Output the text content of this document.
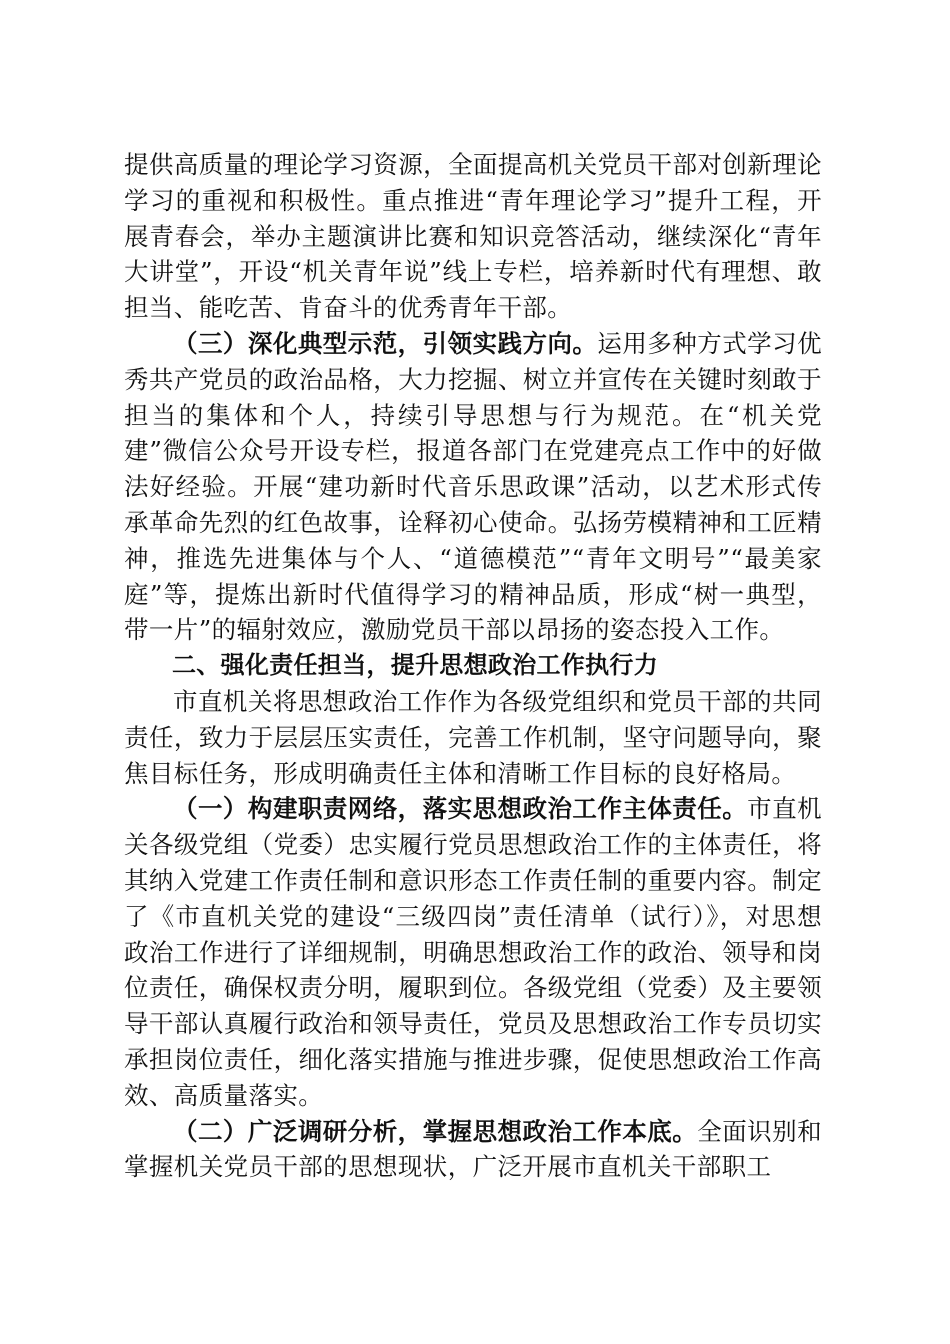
提供高质量的理论学习资源，全面提高机关党员干部对创新理论学习的重视和积极性。重点推进“青年理论学习”提升工程，开展青春会，举办主题演讲比赛和知识竞答活动，继续深化“青年大讲堂”，开设“机关青年说”线上专栏，培养新时代有理想、敢担当、能吃苦、肯奋斗的优秀青年干部。

（三）深化典型示范，引领实践方向。运用多种方式学习优秀共产党员的政治品格，大力挖掘、树立并宣传在关键时刻敢于担当的集体和个人，持续引导思想与行为规范。在“机关党建”微信公众号开设专栏，报道各部门在党建亮点工作中的好做法好经验。开展“建功新时代音乐思政课”活动，以艺术形式传承革命先烈的红色故事，诠释初心使命。弘扬劳模精神和工匠精神，推选先进集体与个人、“道德模范”“青年文明号”“最美家庭”等，提炼出新时代值得学习的精神品质，形成“树一典型，带一片”的辐射效应，激励党员干部以昂扬的姿态投入工作。

二、强化责任担当，提升思想政治工作执行力

市直机关将思想政治工作作为各级党组织和党员干部的共同责任，致力于层层压实责任，完善工作机制，坚守问题导向，聚焦目标任务，形成明确责任主体和清晰工作目标的良好格局。

（一）构建职责网络，落实思想政治工作主体责任。市直机关各级党组（党委）忠实履行党员思想政治工作的主体责任，将其纳入党建工作责任制和意识形态工作责任制的重要内容。制定了《市直机关党的建设“三级四岗”责任清单（试行）》，对思想政治工作进行了详细规制，明确思想政治工作的政治、领导和岗位责任，确保权责分明，履职到位。各级党组（党委）及主要领导干部认真履行政治和领导责任，党员及思想政治工作专员切实承担岗位责任，细化落实措施与推进步骤，促使思想政治工作高效、高质量落实。

（二）广泛调研分析，掌握思想政治工作本底。全面识别和掌握机关党员干部的思想现状，广泛开展市直机关干部职工
